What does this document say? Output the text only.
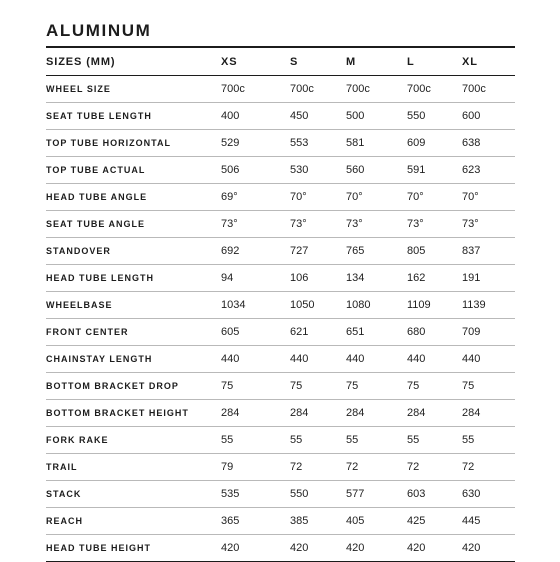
ALUMINUM
SIZES (MM)	XS	S	M	L	XL
WHEEL SIZE	700c	700c	700c	700c	700c
SEAT TUBE LENGTH	400	450	500	550	600
TOP TUBE HORIZONTAL	529	553	581	609	638
TOP TUBE ACTUAL	506	530	560	591	623
HEAD TUBE ANGLE	69°	70°	70°	70°	70°
SEAT TUBE ANGLE	73°	73°	73°	73°	73°
STANDOVER	692	727	765	805	837
HEAD TUBE LENGTH	94	106	134	162	191
WHEELBASE	1034	1050	1080	1109	1139
FRONT CENTER	605	621	651	680	709
CHAINSTAY LENGTH	440	440	440	440	440
BOTTOM BRACKET DROP	75	75	75	75	75
BOTTOM BRACKET HEIGHT	284	284	284	284	284
FORK RAKE	55	55	55	55	55
TRAIL	79	72	72	72	72
STACK	535	550	577	603	630
REACH	365	385	405	425	445
HEAD TUBE HEIGHT	420	420	420	420	420
